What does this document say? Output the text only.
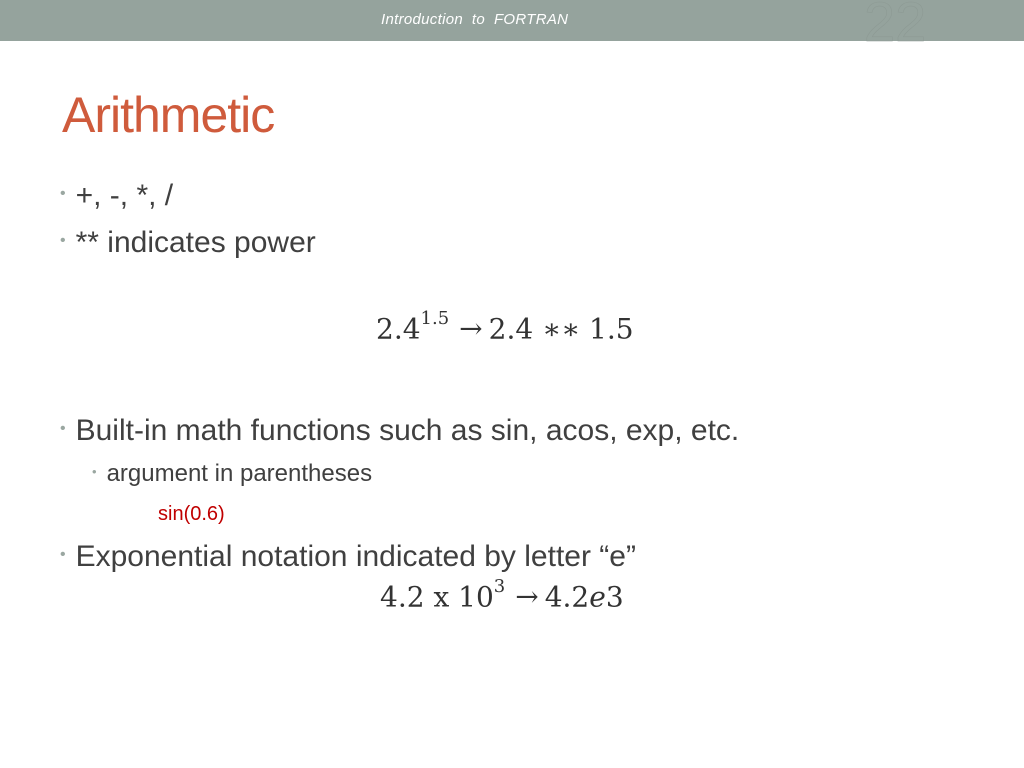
Introduction  to  FORTRAN	22
Arithmetic
• +, -, *, /
• ** indicates power
$2.4^{1.5} \to 2.4$ ∗∗ 1.5
• Built-in math functions such as sin, acos, exp, etc.
• argument in parentheses
sin(0.6)
• Exponential notation indicated by letter “e”
4.2 x $10^3 \to 4.2e3$
